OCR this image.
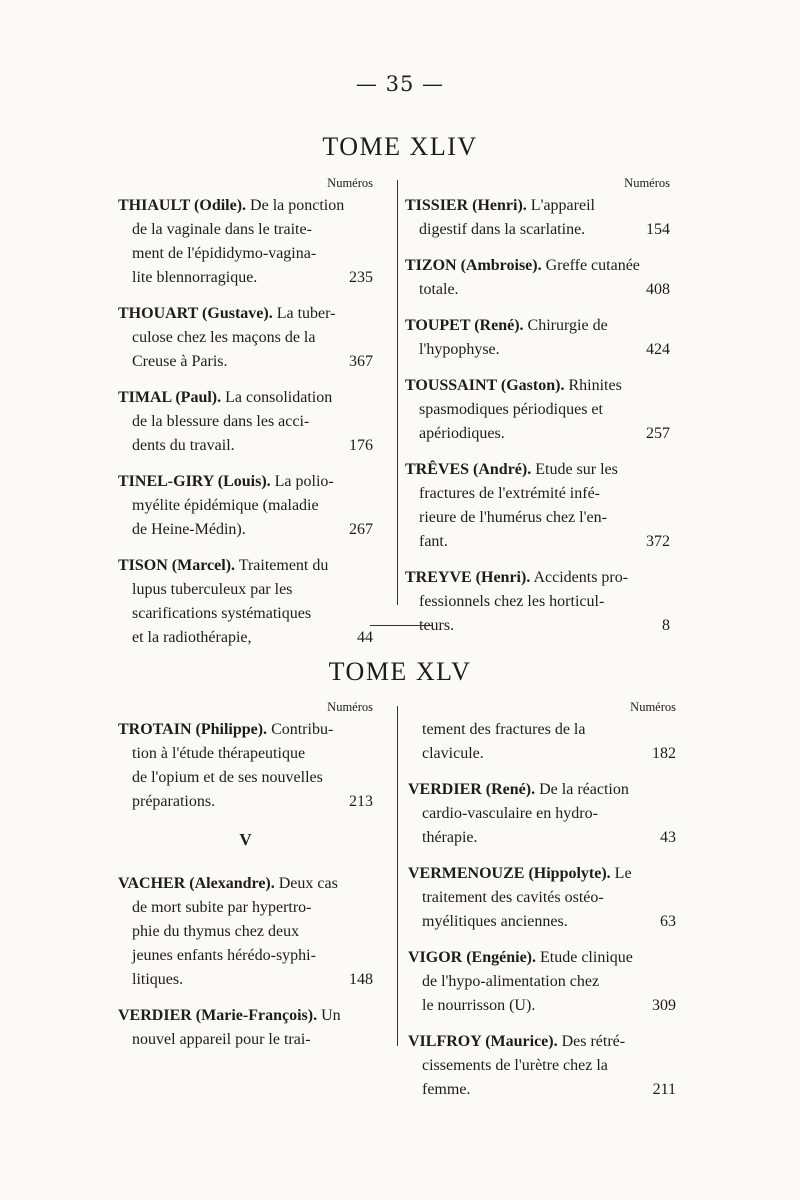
— 35 —
TOME XLIV
Numéros
THIAULT (Odile). De la ponction
de la vaginale dans le traite-
ment de l'épididymo-vagina-
235
lite blennorragique.
THOUART (Gustave). La tuber-
culose chez les maçons de la
367
Creuse à Paris.
TIMAL (Paul). La consolidation
de la blessure dans les acci-
176
dents du travail.
TINEL-GIRY (Louis). La polio-
myélite épidémique (maladie
267
de Heine-Médin).
TISON (Marcel). Traitement du
lupus tuberculeux par les
scarifications systématiques
44
et la radiothérapie,
Numéros
TISSIER (Henri). L'appareil
154
digestif dans la scarlatine.
TIZON (Ambroise). Greffe cutanée
408
totale.
TOUPET (René). Chirurgie de
424
l'hypophyse.
TOUSSAINT (Gaston). Rhinites
spasmodiques périodiques et
257
apériodiques.
TRÊVES (André). Etude sur les
fractures de l'extrémité infé-
rieure de l'humérus chez l'en-
372
fant.
TREYVE (Henri). Accidents pro-
fessionnels chez les horticul-
8
teurs.
TOME XLV
Numéros
TROTAIN (Philippe). Contribu-
tion à l'étude thérapeutique
de l'opium et de ses nouvelles
213
préparations.
V
VACHER (Alexandre). Deux cas
de mort subite par hypertro-
phie du thymus chez deux
jeunes enfants hérédo-syphi-
148
litiques.
VERDIER (Marie-François). Un
nouvel appareil pour le trai-
Numéros
tement des fractures de la
182
clavicule.
VERDIER (René). De la réaction
cardio-vasculaire en hydro-
43
thérapie.
VERMENOUZE (Hippolyte). Le
traitement des cavités ostéo-
63
myélitiques anciennes.
VIGOR (Engénie). Etude clinique
de l'hypo-alimentation chez
309
le nourrisson (U).
VILFROY (Maurice). Des rétré-
cissements de l'urètre chez la
211
femme.
